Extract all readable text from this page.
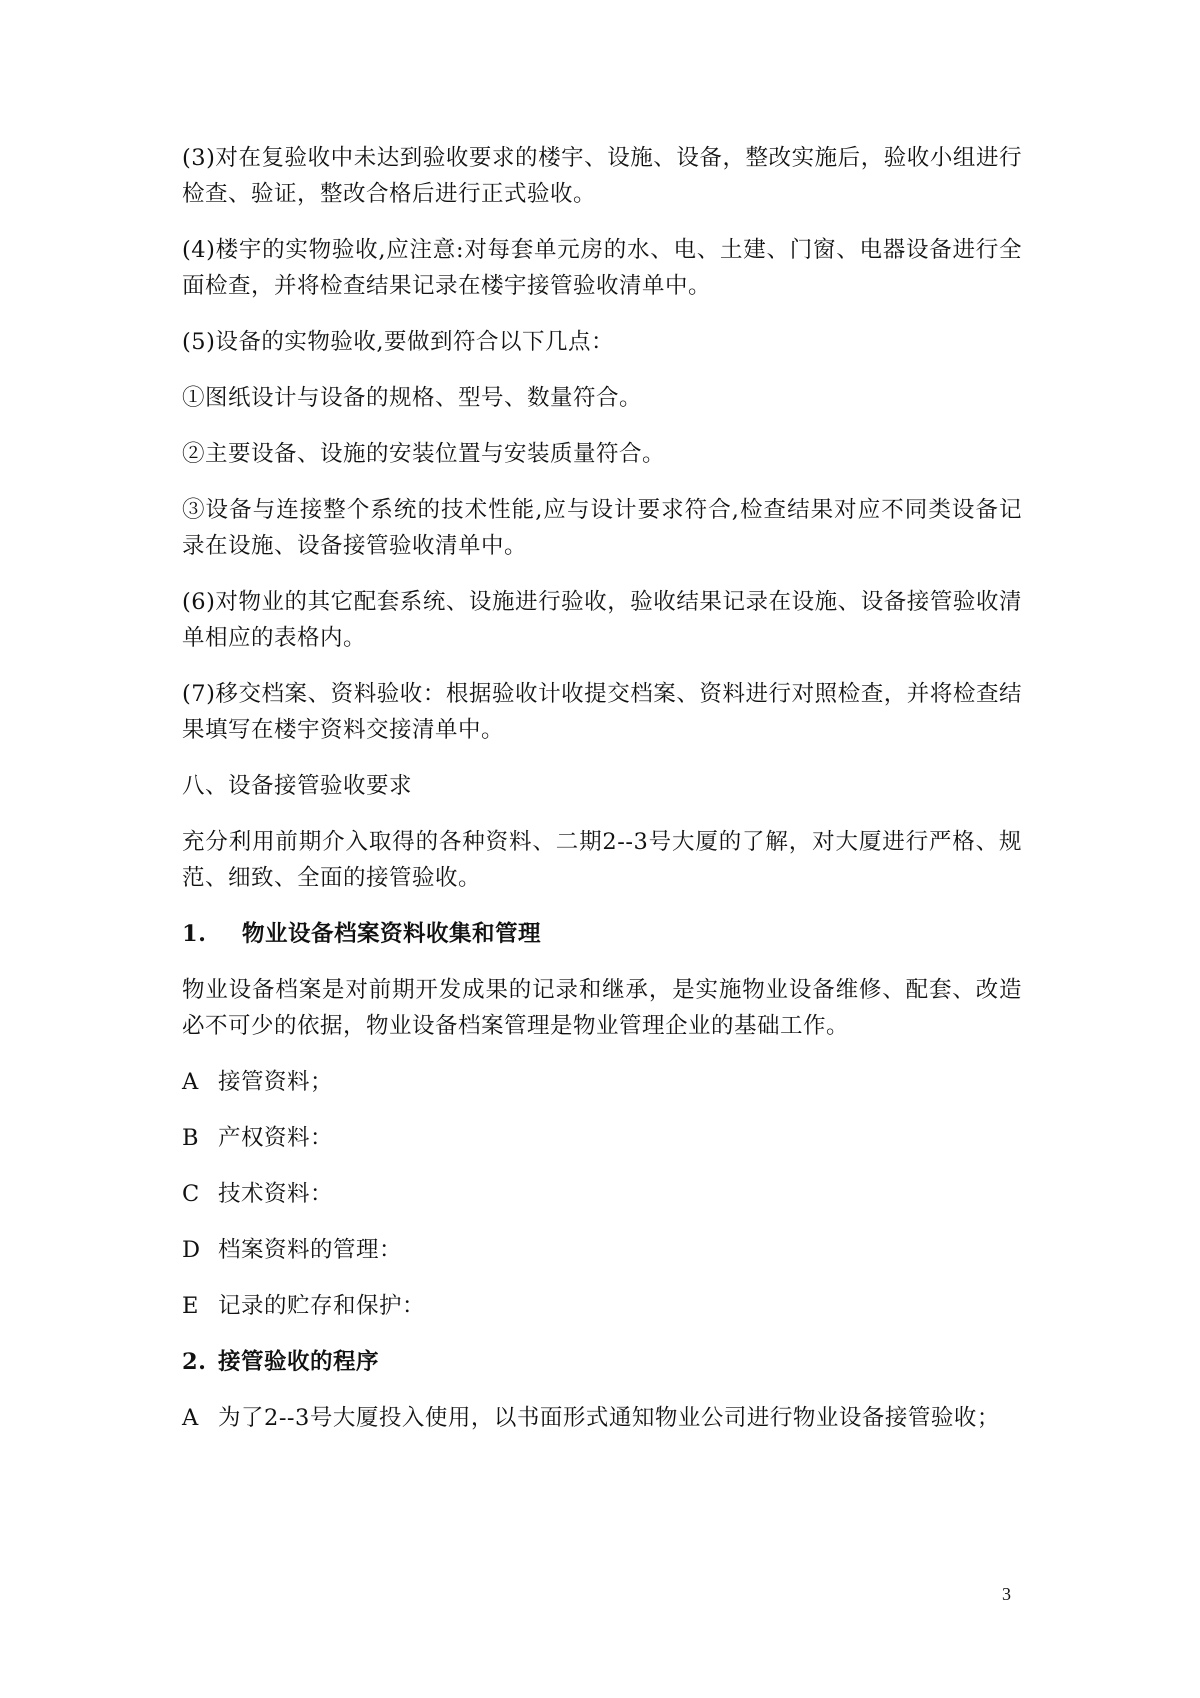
(3)对在复验收中未达到验收要求的楼宇、设施、设备，整改实施后，验收小组进行检查、验证，整改合格后进行正式验收。

(4)楼宇的实物验收,应注意:对每套单元房的水、电、土建、门窗、电器设备进行全面检查，并将检查结果记录在楼宇接管验收清单中。

(5)设备的实物验收,要做到符合以下几点：

①图纸设计与设备的规格、型号、数量符合。

②主要设备、设施的安装位置与安装质量符合。

③设备与连接整个系统的技术性能,应与设计要求符合,检查结果对应不同类设备记录在设施、设备接管验收清单中。

(6)对物业的其它配套系统、设施进行验收，验收结果记录在设施、设备接管验收清单相应的表格内。

(7)移交档案、资料验收：根据验收计收提交档案、资料进行对照检查，并将检查结果填写在楼宇资料交接清单中。

八、设备接管验收要求

充分利用前期介入取得的各种资料、二期2--3号大厦的了解，对大厦进行严格、规范、细致、全面的接管验收。

1. 物业设备档案资料收集和管理

物业设备档案是对前期开发成果的记录和继承，是实施物业设备维修、配套、改造必不可少的依据，物业设备档案管理是物业管理企业的基础工作。

A 接管资料；

B 产权资料：

C 技术资料：

D 档案资料的管理：

E 记录的贮存和保护：

2. 接管验收的程序

A 为了2--3号大厦投入使用，以书面形式通知物业公司进行物业设备接管验收；

3
